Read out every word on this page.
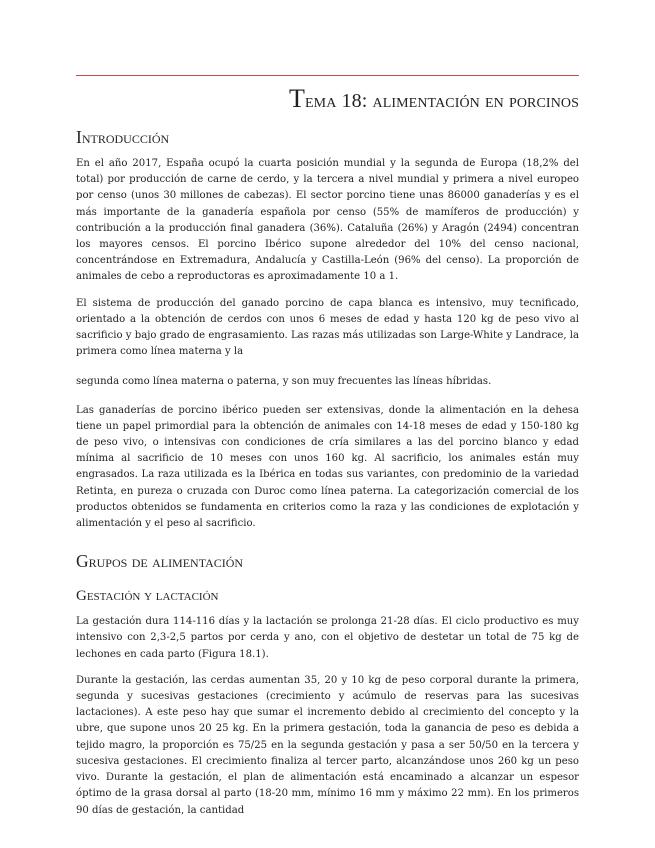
Tema 18: alimentación en porcinos
Introducción

En el año 2017, España ocupó la cuarta posición mundial y la segunda de Europa (18,2% del total) por producción de carne de cerdo, y la tercera a nivel mundial y primera a nivel europeo por censo (unos 30 millones de cabezas). El sector porcino tiene unas 86000 ganaderías y es el más importante de la ganadería española por censo (55% de mamíferos de producción) y contribución a la producción final ganadera (36%). Cataluña (26%) y Aragón (2494) concentran los mayores censos. El porcino Ibérico supone alrededor del 10% del censo nacional, concentrándose en Extremadura, Andalucía y Castilla-León (96% del censo). La proporción de animales de cebo a reproductoras es aproximadamente 10 a 1.

El sistema de producción del ganado porcino de capa blanca es intensivo, muy tecnificado, orientado a la obtención de cerdos con unos 6 meses de edad y hasta 120 kg de peso vivo al sacrificio y bajo grado de engrasamiento. Las razas más utilizadas son Large-White y Landrace, la primera como línea materna y la

segunda como línea materna o paterna, y son muy frecuentes las líneas híbridas.

Las ganaderías de porcino ibérico pueden ser extensivas, donde la alimentación en la dehesa tiene un papel primordial para la obtención de animales con 14-18 meses de edad y 150-180 kg de peso vivo, o intensivas con condiciones de cría similares a las del porcino blanco y edad mínima al sacrificio de 10 meses con unos 160 kg. Al sacrificio, los animales están muy engrasados. La raza utilizada es la Ibérica en todas sus variantes, con predominio de la variedad Retinta, en pureza o cruzada con Duroc como línea paterna. La categorización comercial de los productos obtenidos se fundamenta en criterios como la raza y las condiciones de explotación y alimentación y el peso al sacrificio.

Grupos de alimentación
Gestación y lactación

La gestación dura 114-116 días y la lactación se prolonga 21-28 días. El ciclo productivo es muy intensivo con 2,3-2,5 partos por cerda y ano, con el objetivo de destetar un total de 75 kg de lechones en cada parto (Figura 18.1).

Durante la gestación, las cerdas aumentan 35, 20 y 10 kg de peso corporal durante la primera, segunda y sucesivas gestaciones (crecimiento y acúmulo de reservas para las sucesivas lactaciones). A este peso hay que sumar el incremento debido al crecimiento del concepto y la ubre, que supone unos 20 25 kg. En la primera gestación, toda la ganancia de peso es debida a tejido magro, la proporción es 75/25 en la segunda gestación y pasa a ser 50/50 en la tercera y sucesiva gestaciones. El crecimiento finaliza al tercer parto, alcanzándose unos 260 kg un peso vivo. Durante la gestación, el plan de alimentación está encaminado a alcanzar un espesor óptimo de la grasa dorsal al parto (18-20 mm, mínimo 16 mm y máximo 22 mm). En los primeros 90 días de gestación, la cantidad
